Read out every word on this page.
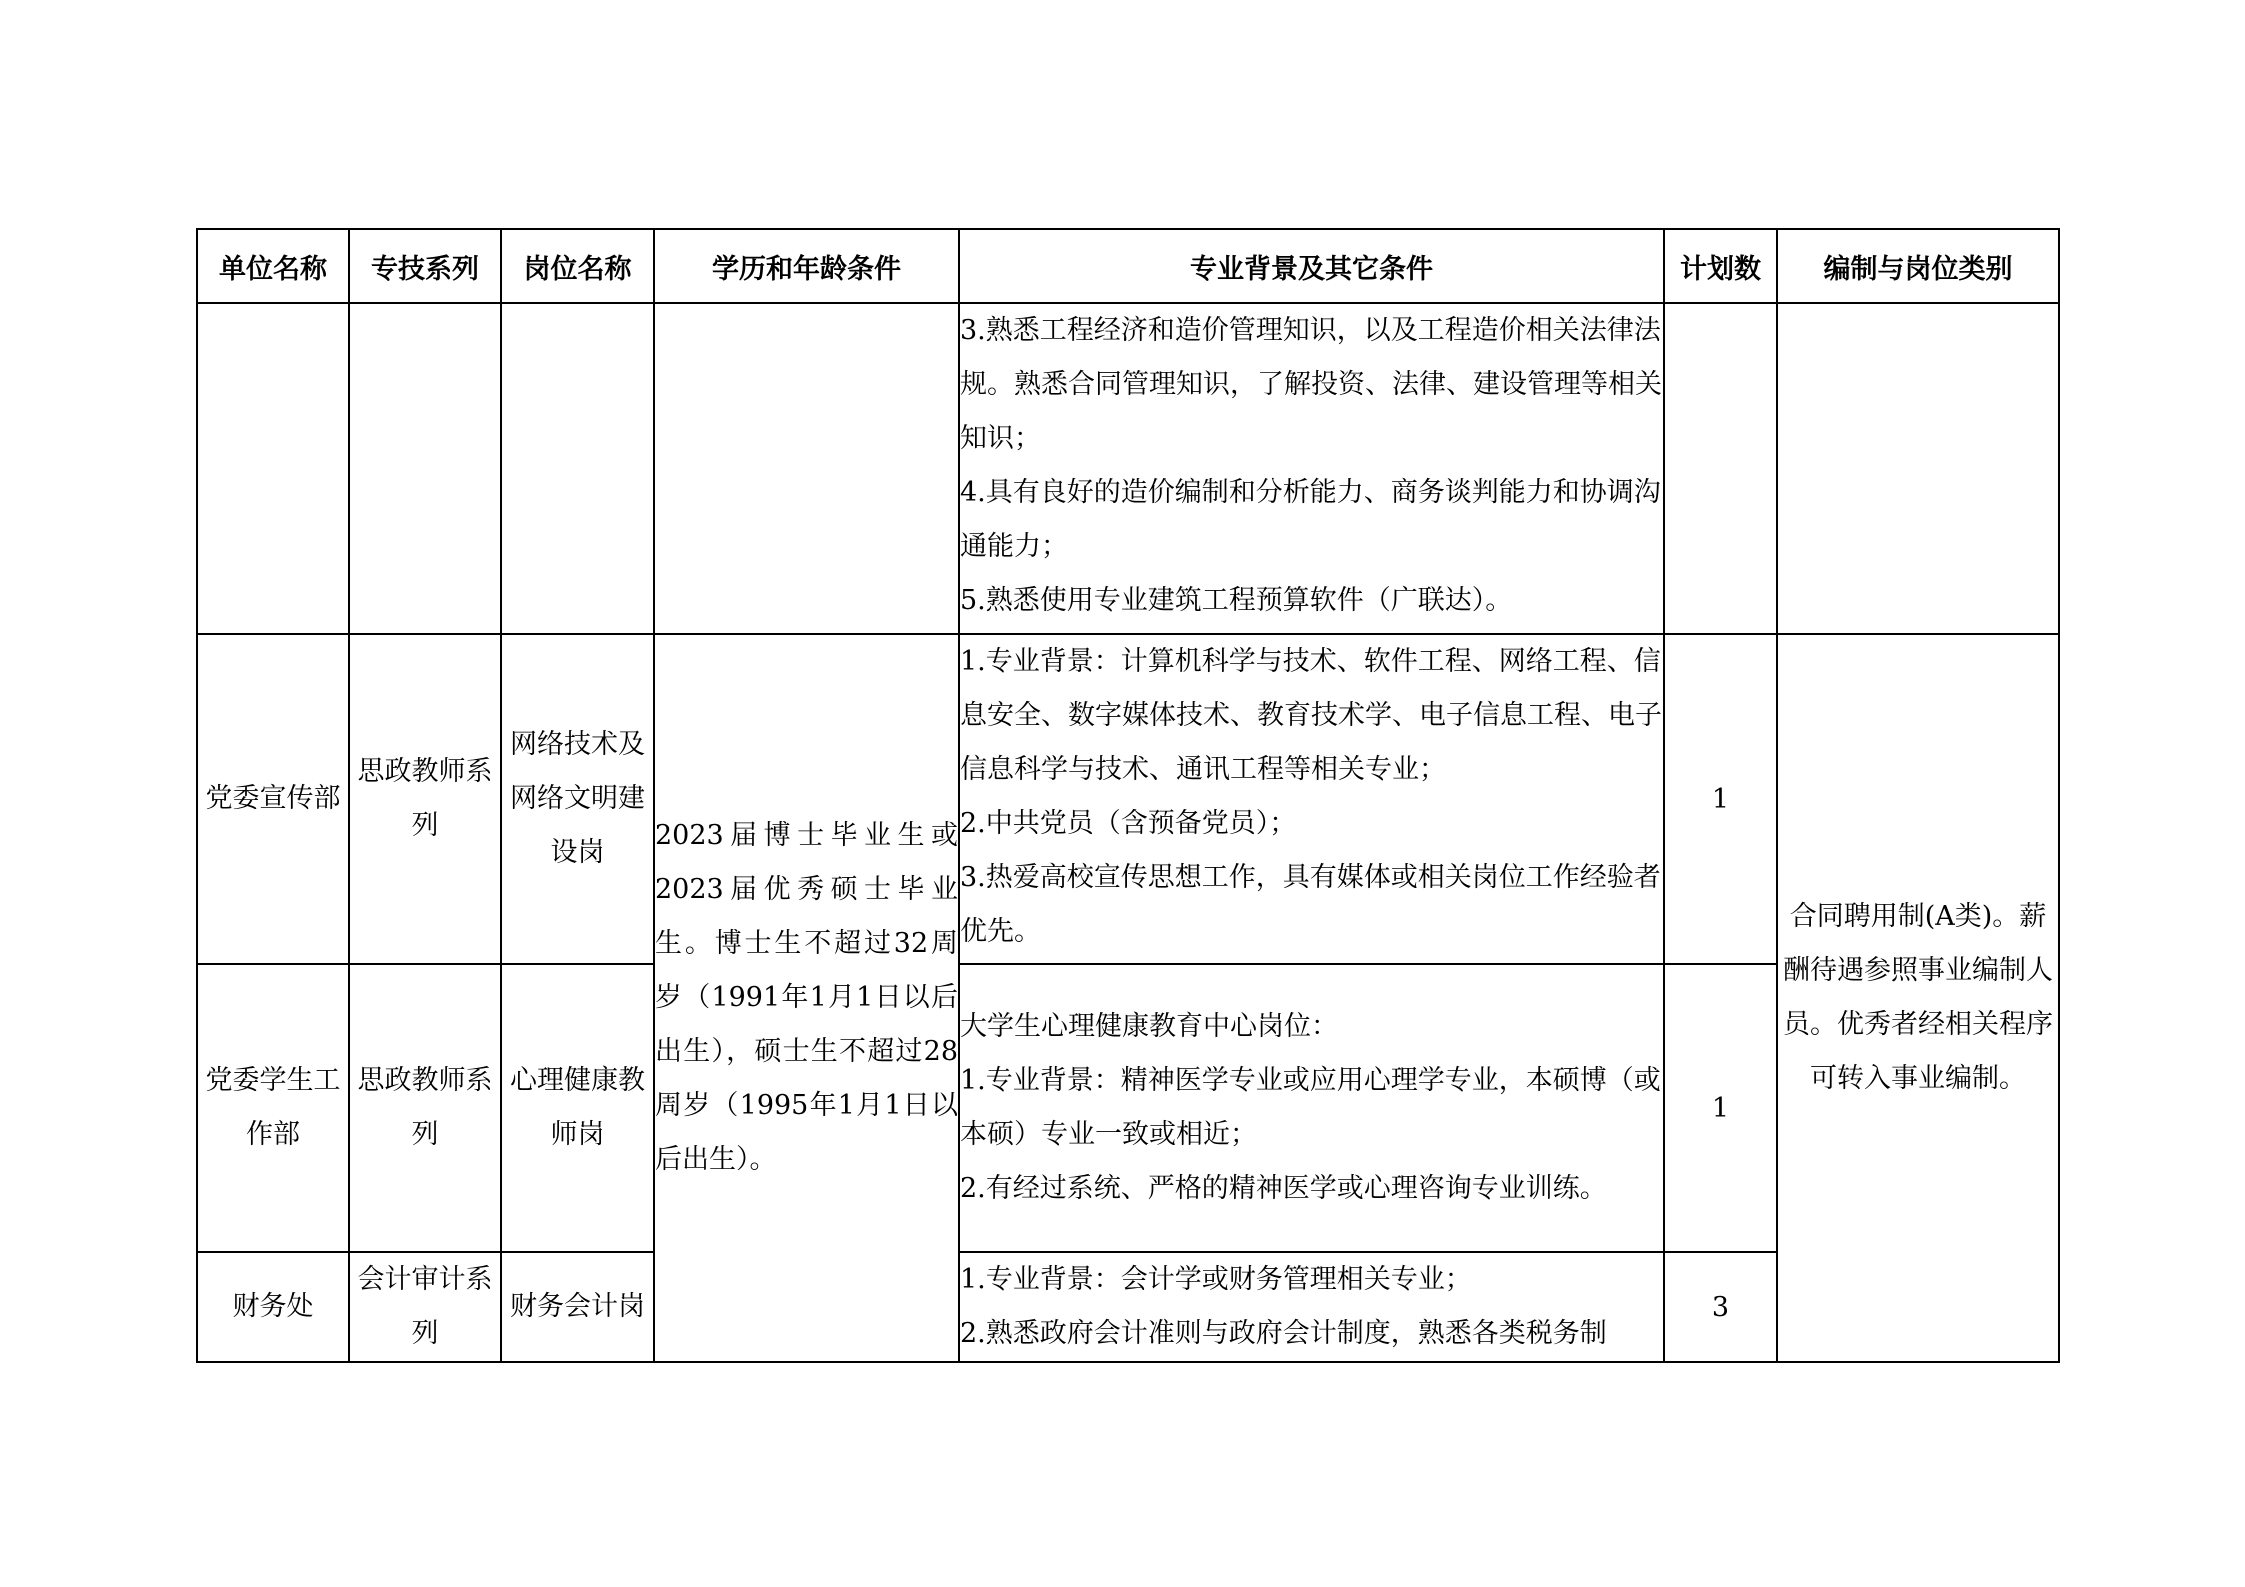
单位名称	专技系列	岗位名称	学历和年龄条件	专业背景及其它条件	计划数	编制与岗位类别

				3.熟悉工程经济和造价管理知识，以及工程造价相关法律法规。熟悉合同管理知识，了解投资、法律、建设管理等相关知识；
4.具有良好的造价编制和分析能力、商务谈判能力和协调沟通能力；
5.熟悉使用专业建筑工程预算软件（广联达）。		

党委宣传部	思政教师系列	网络技术及网络文明建设岗	2023届博士毕业生或2023届优秀硕士毕业生。博士生不超过32周岁（1991年1月1日以后出生），硕士生不超过28周岁（1995年1月1日以后出生）。	1.专业背景：计算机科学与技术、软件工程、网络工程、信息安全、数字媒体技术、教育技术学、电子信息工程、电子信息科学与技术、通讯工程等相关专业；
2.中共党员（含预备党员）；
3.热爱高校宣传思想工作，具有媒体或相关岗位工作经验者优先。	1	合同聘用制(A类)。薪酬待遇参照事业编制人员。优秀者经相关程序可转入事业编制。
党委学生工作部	思政教师系列	心理健康教师岗		大学生心理健康教育中心岗位：
1.专业背景：精神医学专业或应用心理学专业，本硕博（或本硕）专业一致或相近；
2.有经过系统、严格的精神医学或心理咨询专业训练。	1	
财务处	会计审计系列	财务会计岗		1.专业背景：会计学或财务管理相关专业；
2.熟悉政府会计准则与政府会计制度，熟悉各类税务制	3	
